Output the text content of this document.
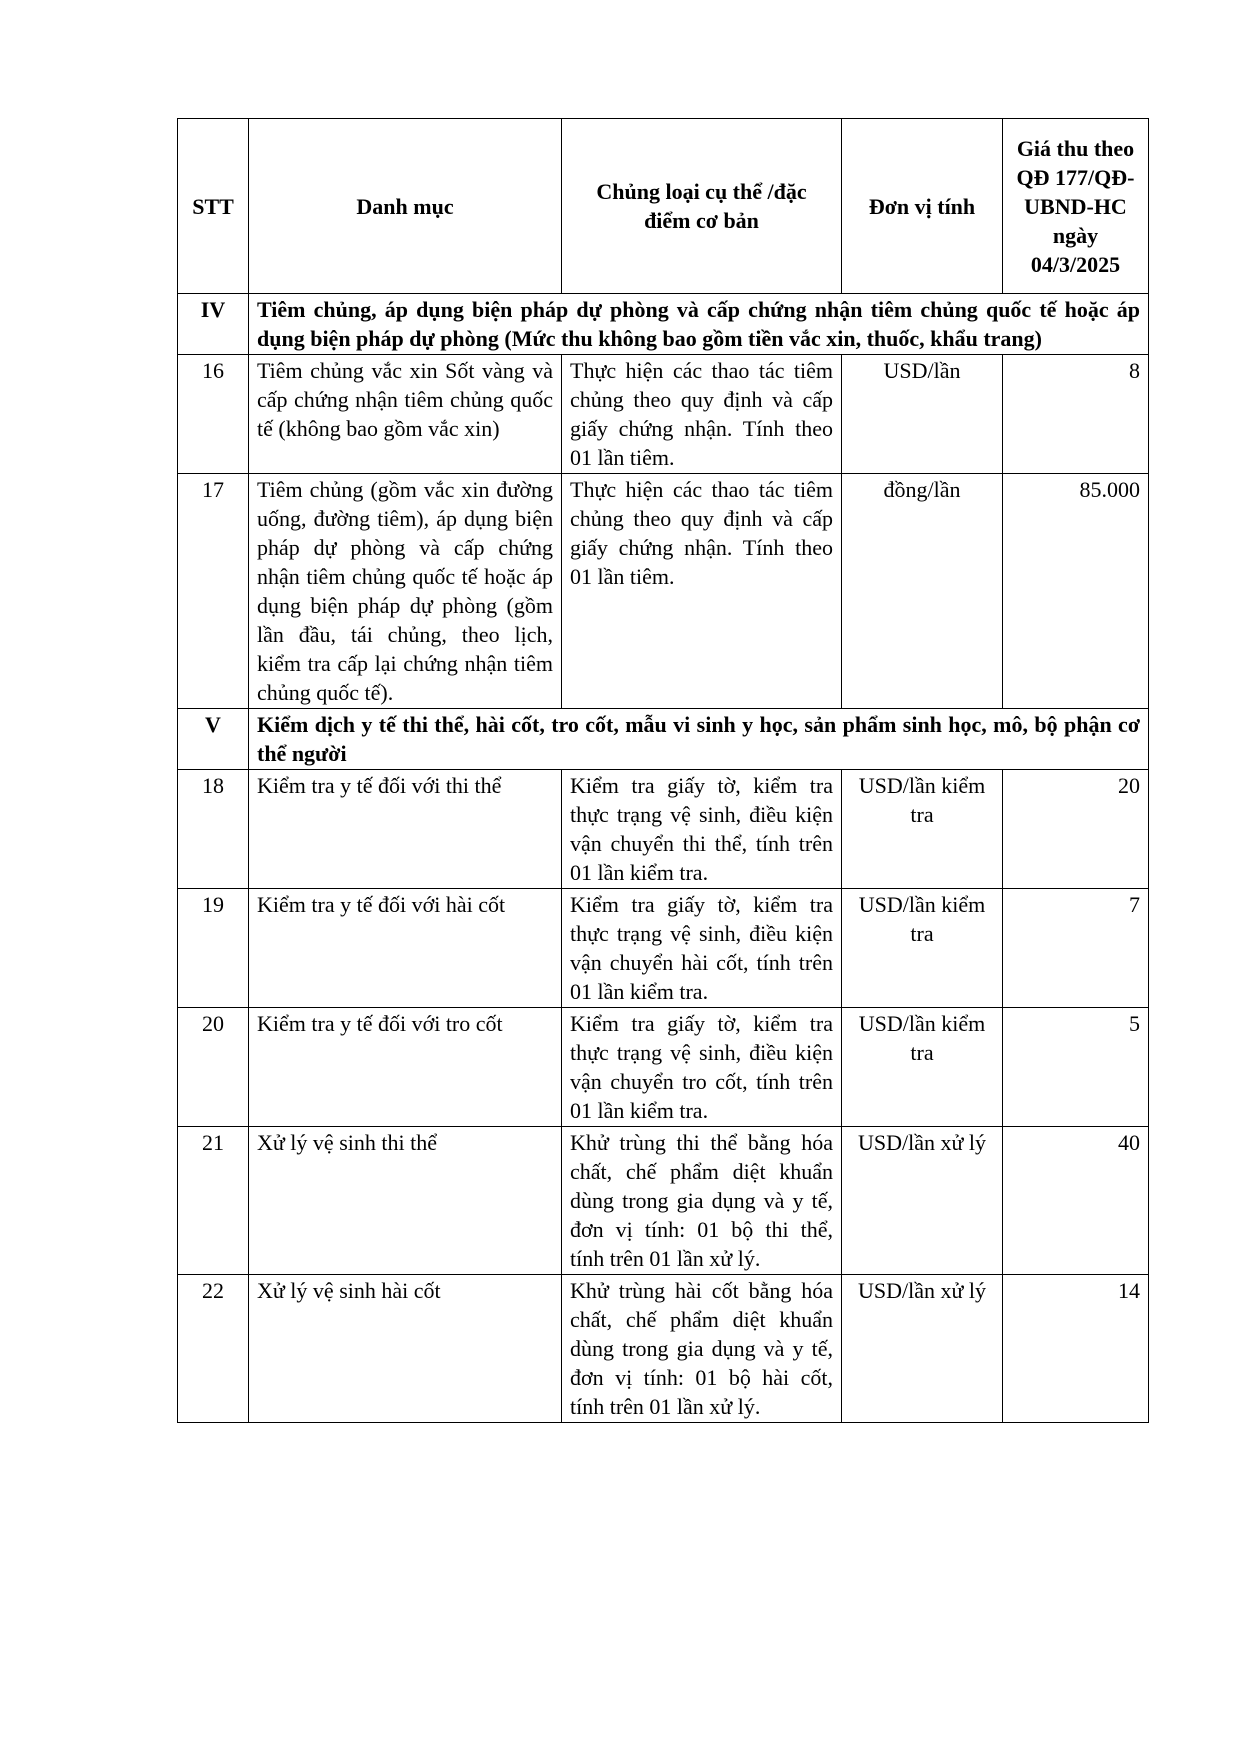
STT	Danh mục	Chủng loại cụ thể /đặc điểm cơ bản	Đơn vị tính	Giá thu theo QĐ 177/QĐ-UBND-HC ngày 04/3/2025
IV	Tiêm chủng, áp dụng biện pháp dự phòng và cấp chứng nhận tiêm chủng quốc tế hoặc áp dụng biện pháp dự phòng (Mức thu không bao gồm tiền vắc xin, thuốc, khẩu trang)			
16	Tiêm chủng vắc xin Sốt vàng và cấp chứng nhận tiêm chủng quốc tế (không bao gồm vắc xin)	Thực hiện các thao tác tiêm chủng theo quy định và cấp giấy chứng nhận. Tính theo 01 lần tiêm.	USD/lần	8
17	Tiêm chủng (gồm vắc xin đường uống, đường tiêm), áp dụng biện pháp dự phòng và cấp chứng nhận tiêm chủng quốc tế hoặc áp dụng biện pháp dự phòng (gồm lần đầu, tái chủng, theo lịch, kiểm tra cấp lại chứng nhận tiêm chủng quốc tế).	Thực hiện các thao tác tiêm chủng theo quy định và cấp giấy chứng nhận. Tính theo 01 lần tiêm.	đồng/lần	85.000
V	Kiểm dịch y tế thi thể, hài cốt, tro cốt, mẫu vi sinh y học, sản phẩm sinh học, mô, bộ phận cơ thể người			
18	Kiểm tra y tế đối với thi thể	Kiểm tra giấy tờ, kiểm tra thực trạng vệ sinh, điều kiện vận chuyển thi thể, tính trên 01 lần kiểm tra.	USD/lần kiểm tra	20
19	Kiểm tra y tế đối với hài cốt	Kiểm tra giấy tờ, kiểm tra thực trạng vệ sinh, điều kiện vận chuyển hài cốt, tính trên 01 lần kiểm tra.	USD/lần kiểm tra	7
20	Kiểm tra y tế đối với tro cốt	Kiểm tra giấy tờ, kiểm tra thực trạng vệ sinh, điều kiện vận chuyển tro cốt, tính trên 01 lần kiểm tra.	USD/lần kiểm tra	5
21	Xử lý vệ sinh thi thể	Khử trùng thi thể bằng hóa chất, chế phẩm diệt khuẩn dùng trong gia dụng và y tế, đơn vị tính: 01 bộ thi thể, tính trên 01 lần xử lý.	USD/lần xử lý	40
22	Xử lý vệ sinh hài cốt	Khử trùng hài cốt bằng hóa chất, chế phẩm diệt khuẩn dùng trong gia dụng và y tế, đơn vị tính: 01 bộ hài cốt, tính trên 01 lần xử lý.	USD/lần xử lý	14
